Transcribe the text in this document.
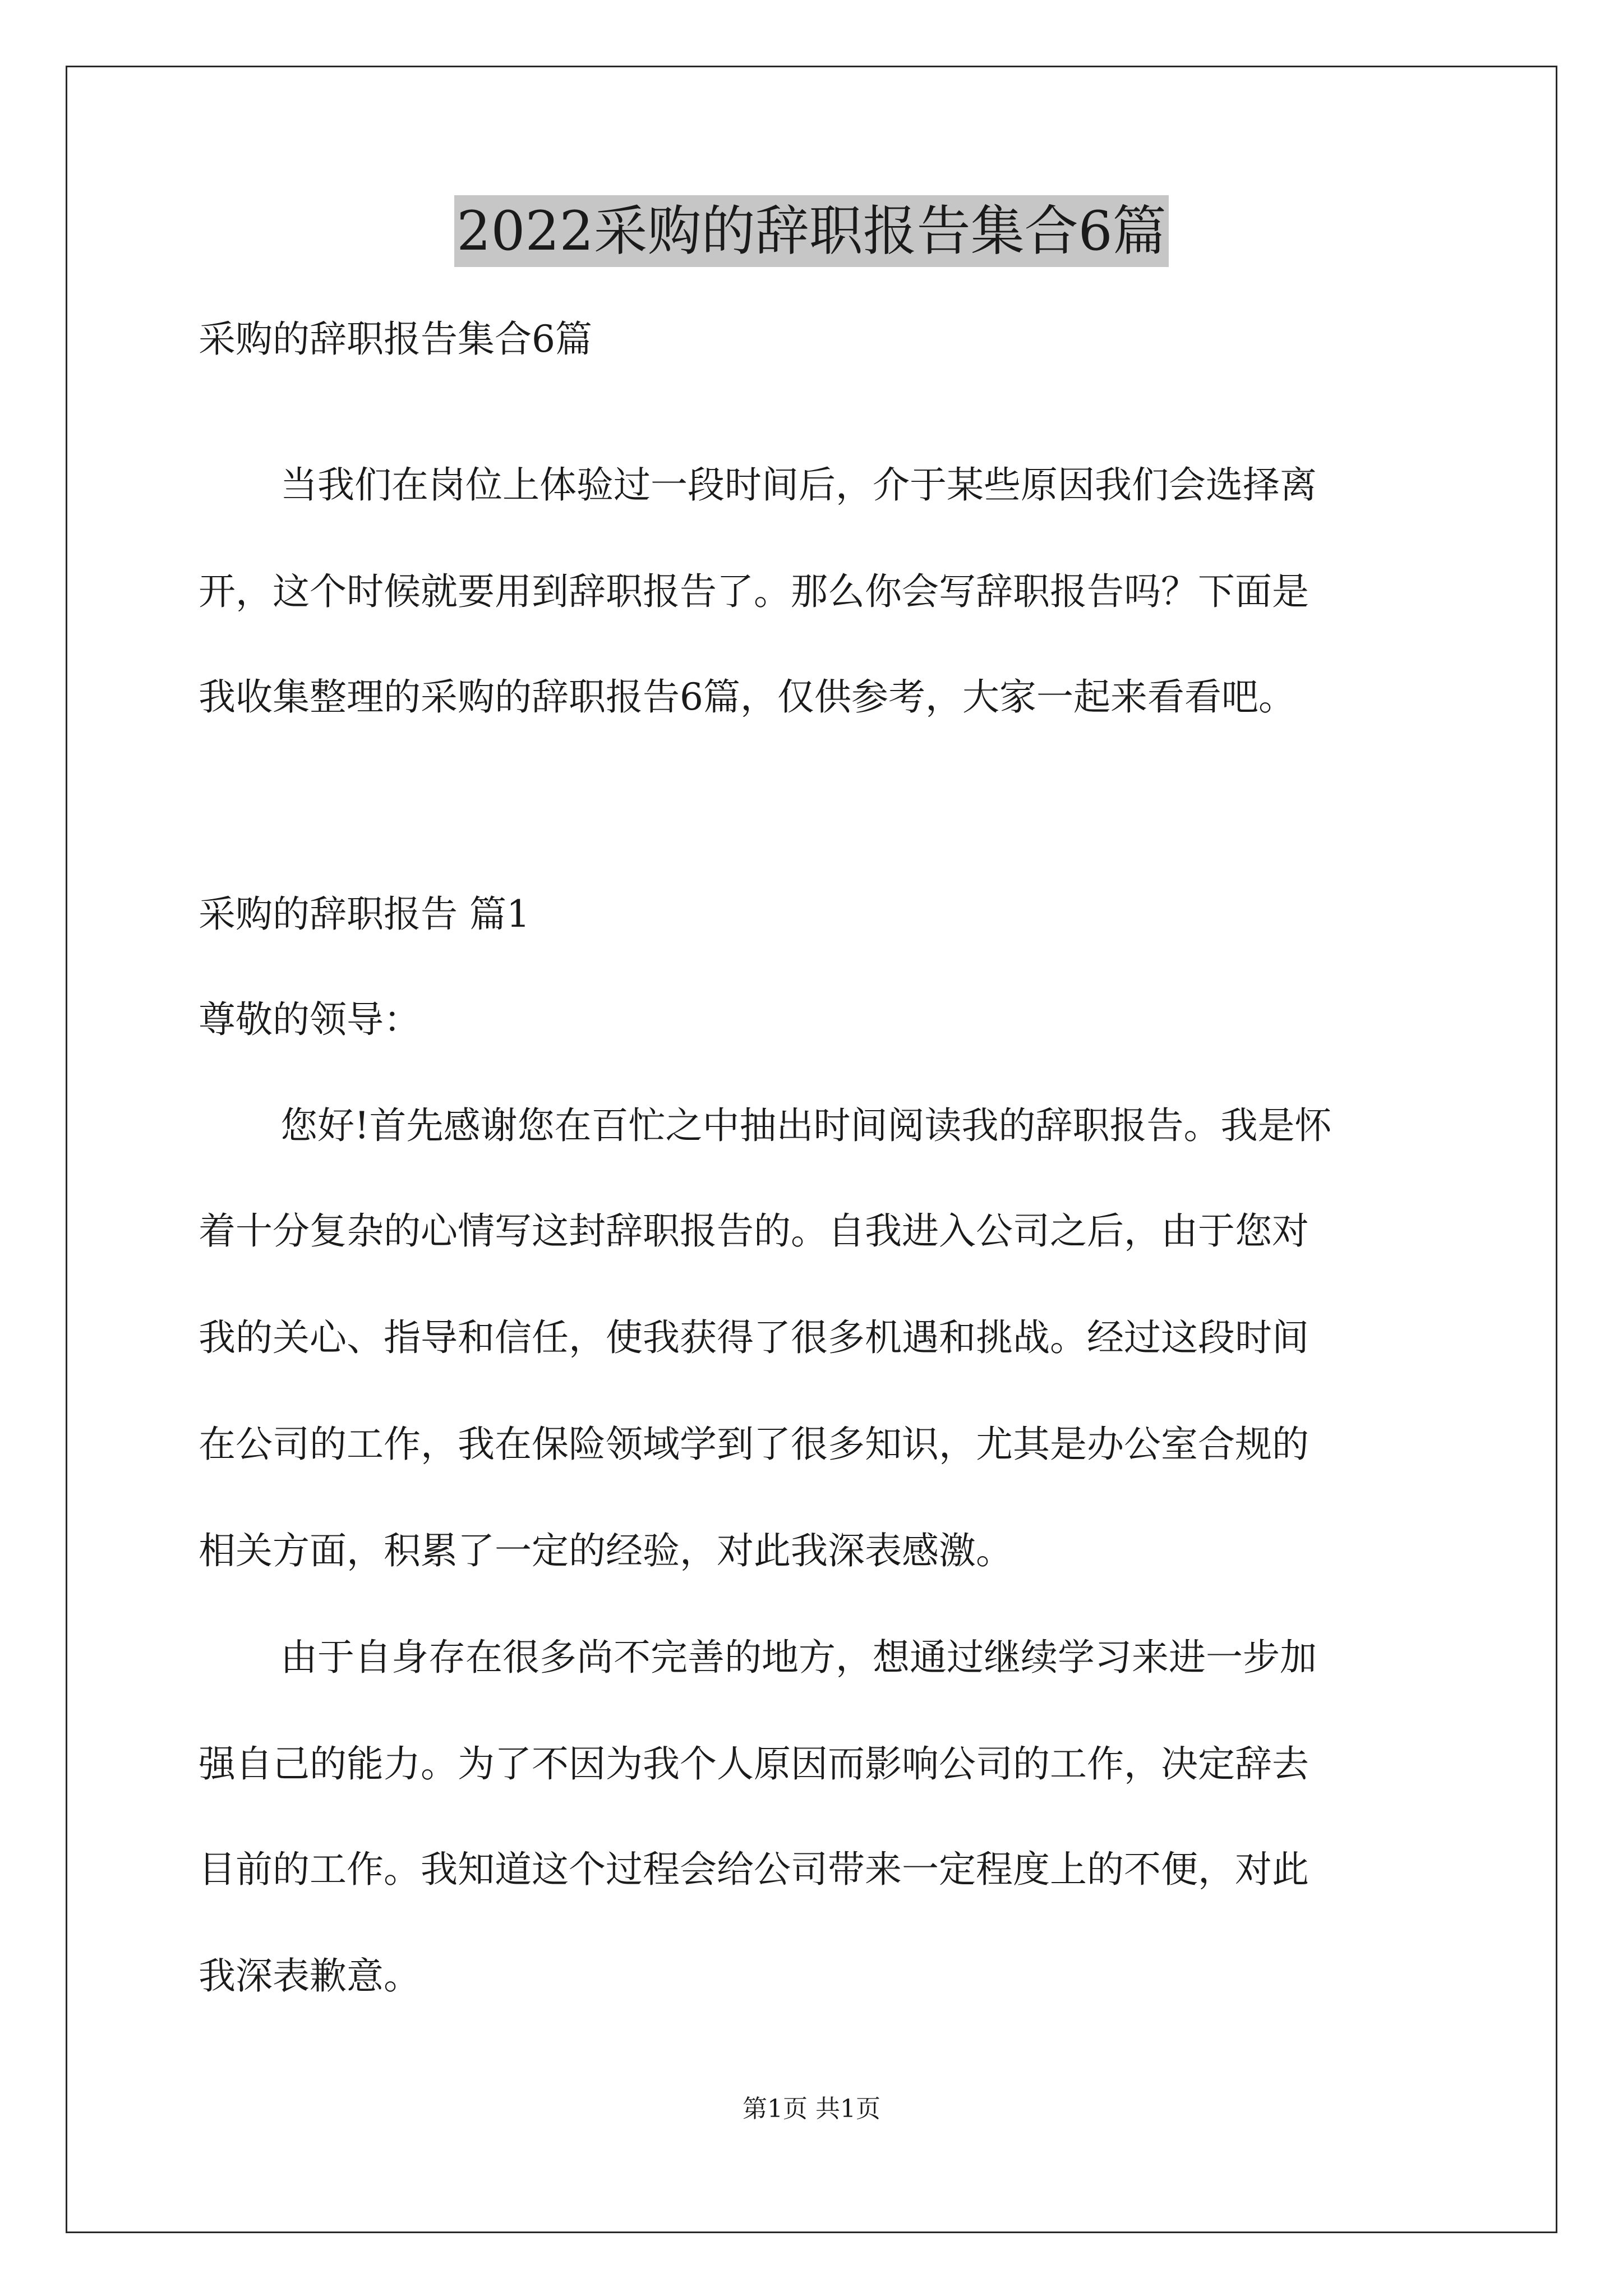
2022采购的辞职报告集合6篇
采购的辞职报告集合6篇
当我们在岗位上体验过一段时间后，介于某些原因我们会选择离
开，这个时候就要用到辞职报告了。那么你会写辞职报告吗？下面是
我收集整理的采购的辞职报告6篇，仅供参考，大家一起来看看吧。
采购的辞职报告 篇1
尊敬的领导：
您好!首先感谢您在百忙之中抽出时间阅读我的辞职报告。我是怀
着十分复杂的心情写这封辞职报告的。自我进入公司之后，由于您对
我的关心、指导和信任，使我获得了很多机遇和挑战。经过这段时间
在公司的工作，我在保险领域学到了很多知识，尤其是办公室合规的
相关方面，积累了一定的经验，对此我深表感激。
由于自身存在很多尚不完善的地方，想通过继续学习来进一步加
强自己的能力。为了不因为我个人原因而影响公司的工作，决定辞去
目前的工作。我知道这个过程会给公司带来一定程度上的不便，对此
我深表歉意。
第1页 共1页
